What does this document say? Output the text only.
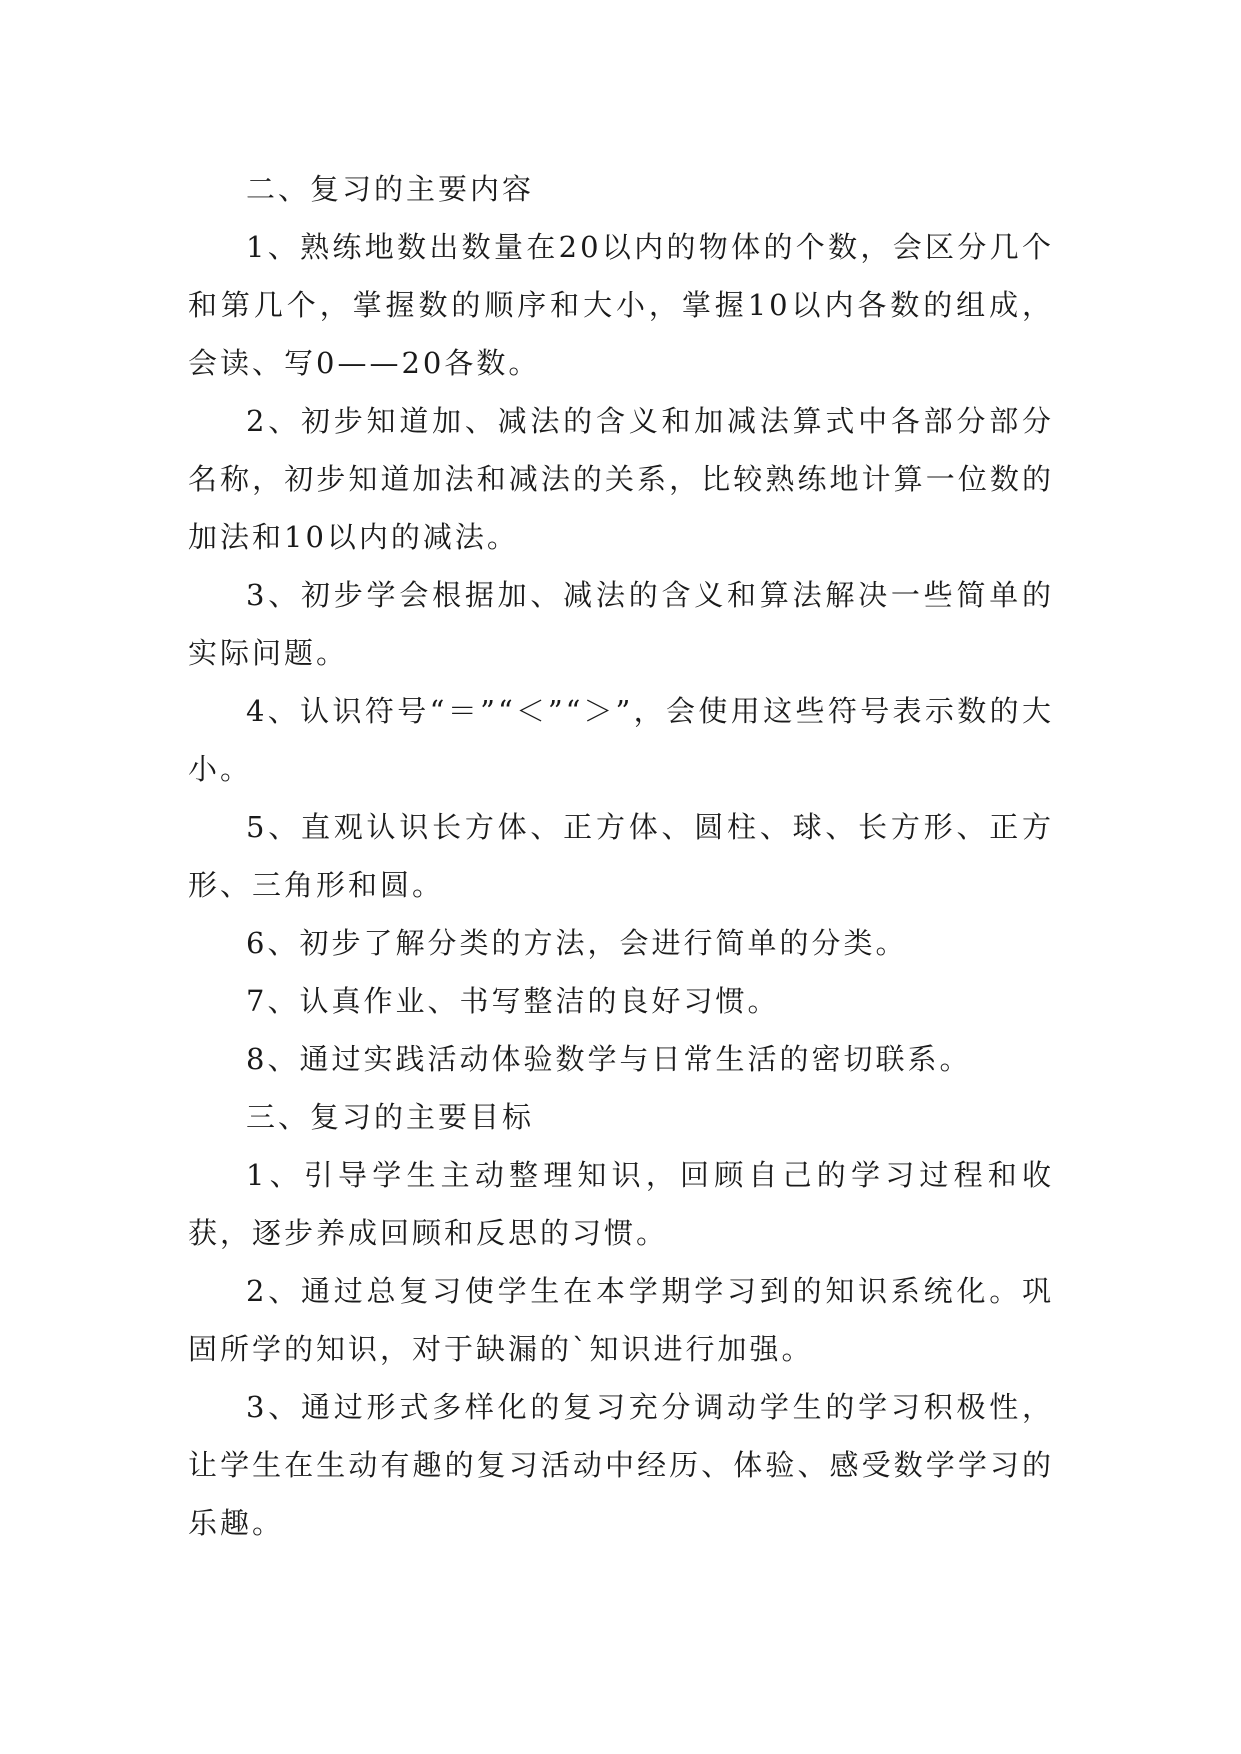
二、复习的主要内容

1、熟练地数出数量在20以内的物体的个数，会区分几个和第几个，掌握数的顺序和大小，掌握10以内各数的组成，会读、写0——20各数。

2、初步知道加、减法的含义和加减法算式中各部分部分名称，初步知道加法和减法的关系，比较熟练地计算一位数的加法和10以内的减法。

3、初步学会根据加、减法的含义和算法解决一些简单的实际问题。

4、认识符号“＝”“＜”“＞”，会使用这些符号表示数的大小。

5、直观认识长方体、正方体、圆柱、球、长方形、正方形、三角形和圆。

6、初步了解分类的方法，会进行简单的分类。

7、认真作业、书写整洁的良好习惯。

8、通过实践活动体验数学与日常生活的密切联系。

三、复习的主要目标

1、引导学生主动整理知识，回顾自己的学习过程和收获，逐步养成回顾和反思的习惯。

2、通过总复习使学生在本学期学习到的知识系统化。巩固所学的知识，对于缺漏的`知识进行加强。

3、通过形式多样化的复习充分调动学生的学习积极性，让学生在生动有趣的复习活动中经历、体验、感受数学学习的乐趣。
